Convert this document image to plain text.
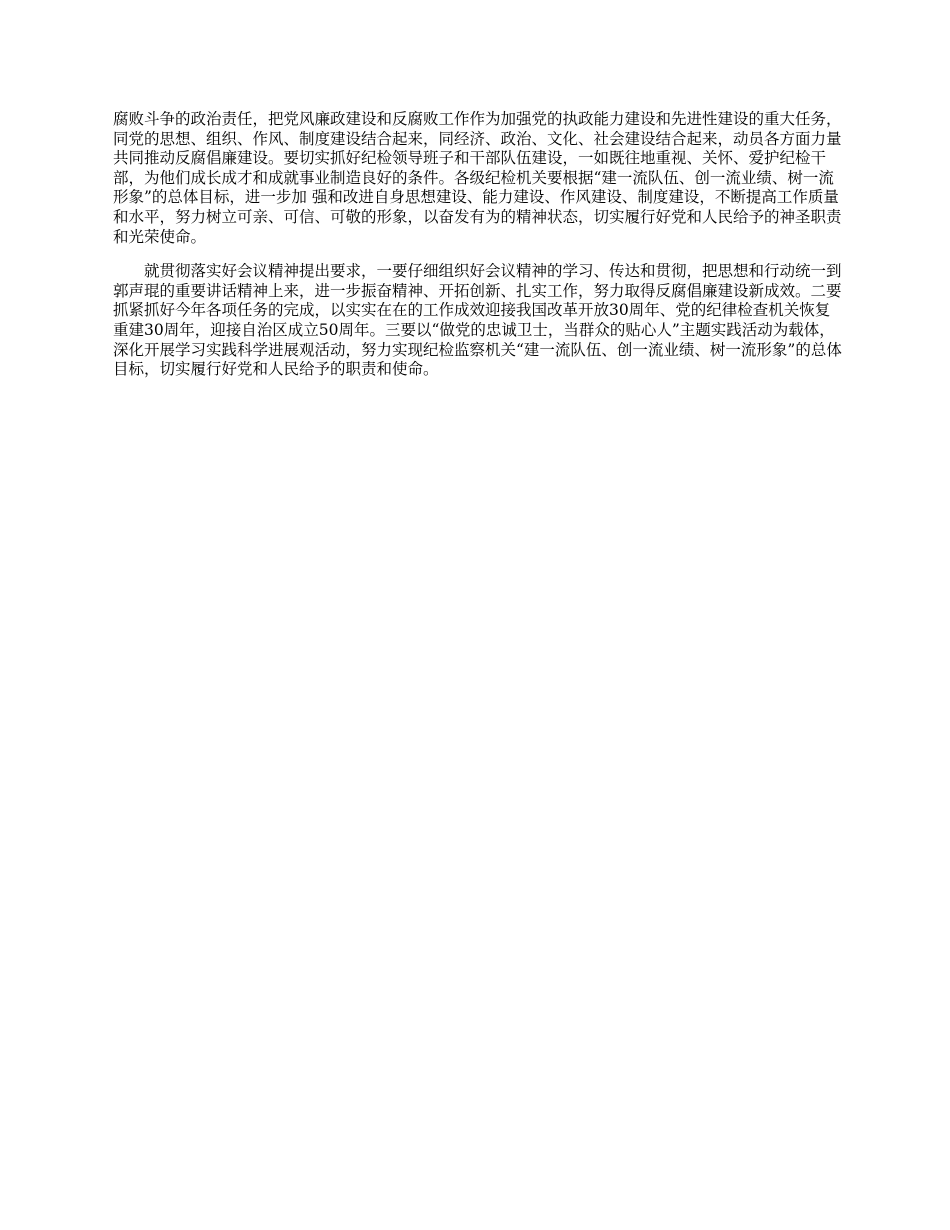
腐败斗争的政治责任，把党风廉政建设和反腐败工作作为加强党的执政能力建设和先进性建设的重大任务，同党的思想、组织、作风、制度建设结合起来，同经济、政治、文化、社会建设结合起来，动员各方面力量共同推动反腐倡廉建设。要切实抓好纪检领导班子和干部队伍建设，一如既往地重视、关怀、爱护纪检干部，为他们成长成才和成就事业制造良好的条件。各级纪检机关要根据“建一流队伍、创一流业绩、树一流形象”的总体目标，进一步加 强和改进自身思想建设、能力建设、作风建设、制度建设，不断提高工作质量和水平，努力树立可亲、可信、可敬的形象，以奋发有为的精神状态，切实履行好党和人民给予的神圣职责和光荣使命。

就贯彻落实好会议精神提出要求，一要仔细组织好会议精神的学习、传达和贯彻，把思想和行动统一到郭声琨的重要讲话精神上来，进一步振奋精神、开拓创新、扎实工作，努力取得反腐倡廉建设新成效。二要抓紧抓好今年各项任务的完成，以实实在在的工作成效迎接我国改革开放30周年、党的纪律检查机关恢复重建30周年，迎接自治区成立50周年。三要以“做党的忠诚卫士，当群众的贴心人”主题实践活动为载体，深化开展学习实践科学进展观活动，努力实现纪检监察机关“建一流队伍、创一流业绩、树一流形象”的总体目标，切实履行好党和人民给予的职责和使命。
